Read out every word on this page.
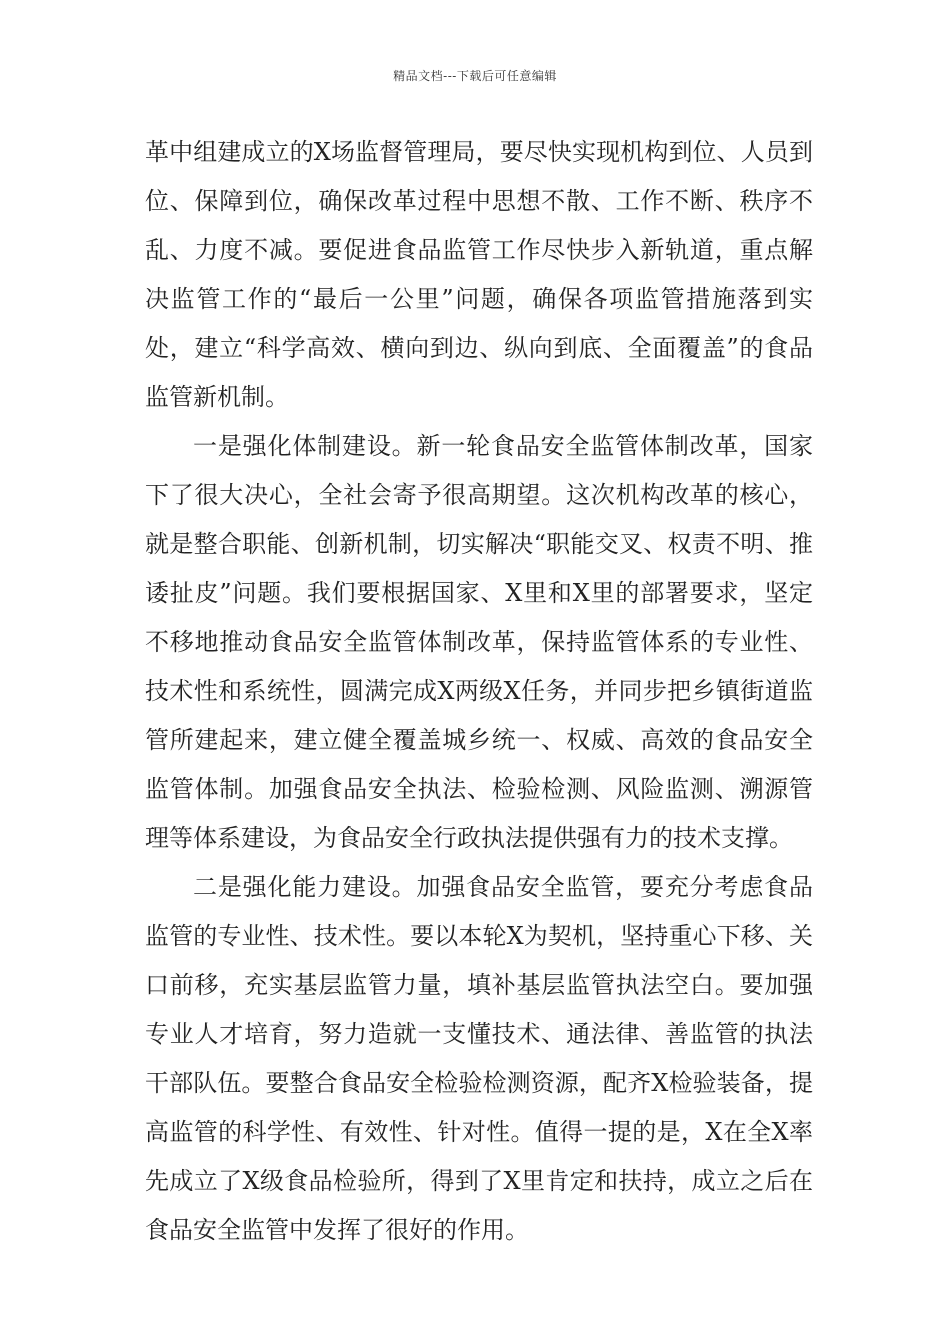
精品文档---下载后可任意编辑

革中组建成立的X场监督管理局，要尽快实现机构到位、人员到位、保障到位，确保改革过程中思想不散、工作不断、秩序不乱、力度不减。要促进食品监管工作尽快步入新轨道，重点解决监管工作的“最后一公里”问题，确保各项监管措施落到实处，建立“科学高效、横向到边、纵向到底、全面覆盖”的食品监管新机制。

一是强化体制建设。新一轮食品安全监管体制改革，国家下了很大决心，全社会寄予很高期望。这次机构改革的核心，就是整合职能、创新机制，切实解决“职能交叉、权责不明、推诿扯皮”问题。我们要根据国家、X里和X里的部署要求，坚定不移地推动食品安全监管体制改革，保持监管体系的专业性、技术性和系统性，圆满完成X两级X任务，并同步把乡镇街道监管所建起来，建立健全覆盖城乡统一、权威、高效的食品安全监管体制。加强食品安全执法、检验检测、风险监测、溯源管理等体系建设，为食品安全行政执法提供强有力的技术支撑。

二是强化能力建设。加强食品安全监管，要充分考虑食品监管的专业性、技术性。要以本轮X为契机，坚持重心下移、关口前移，充实基层监管力量，填补基层监管执法空白。要加强专业人才培育，努力造就一支懂技术、通法律、善监管的执法干部队伍。要整合食品安全检验检测资源，配齐X检验装备，提高监管的科学性、有效性、针对性。值得一提的是，X在全X率先成立了X级食品检验所，得到了X里肯定和扶持，成立之后在食品安全监管中发挥了很好的作用。
